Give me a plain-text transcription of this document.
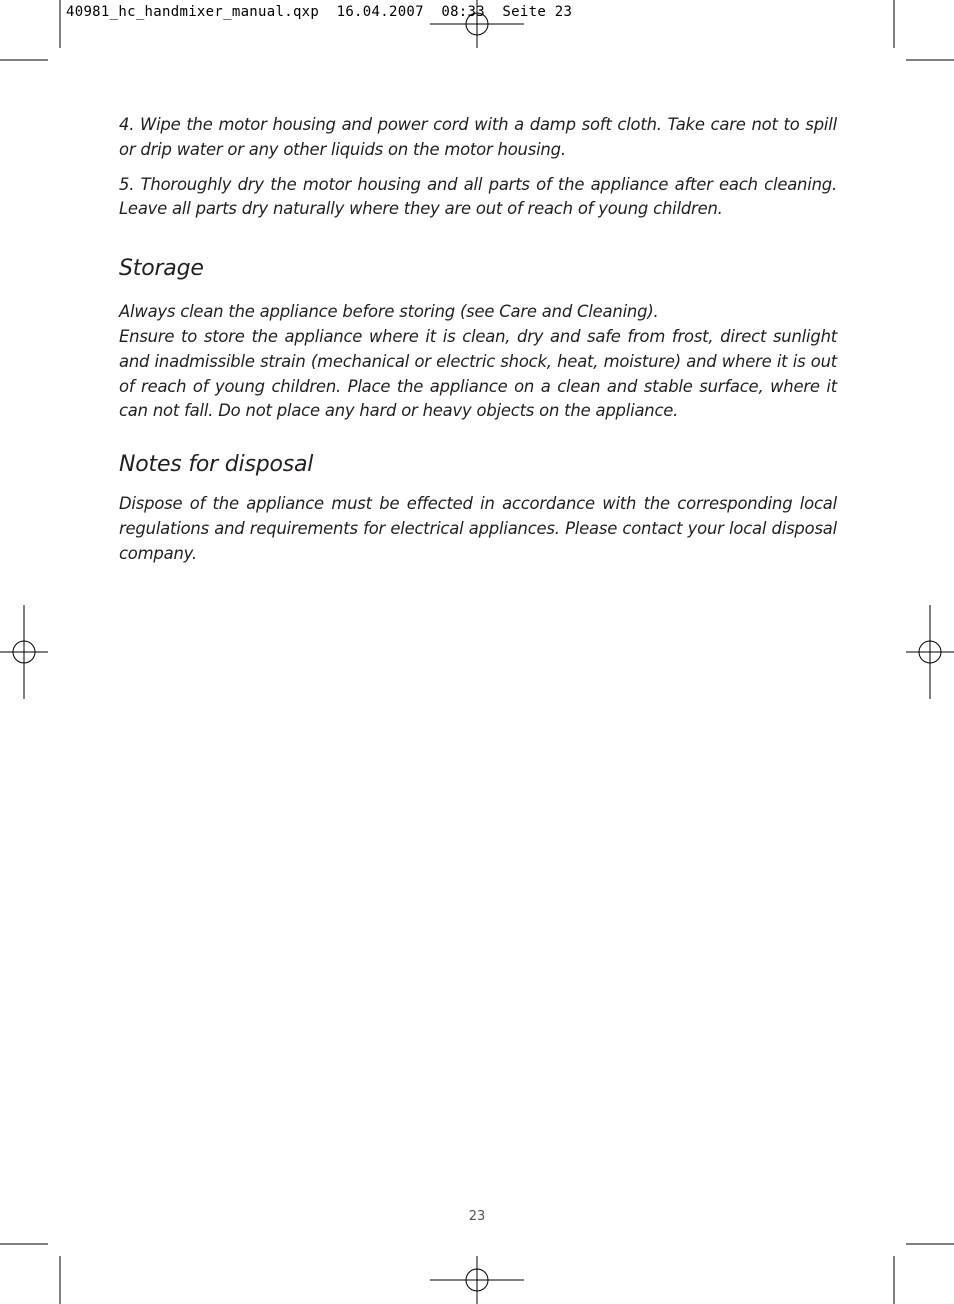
40981_hc_handmixer_manual.qxp  16.04.2007  08:33  Seite 23

4. Wipe the motor housing and power cord with a damp soft cloth. Take care not to spill or drip water or any other liquids on the motor housing.

5. Thoroughly dry the motor housing and all parts of the appliance after each cleaning. Leave all parts dry naturally where they are out of reach of young children.

Storage

Always clean the appliance before storing (see Care and Cleaning).

Ensure to store the appliance where it is clean, dry and safe from frost, direct sunlight and inadmissible strain (mechanical or electric shock, heat, moisture) and where it is out of reach of young children. Place the appliance on a clean and stable surface, where it can not fall. Do not place any hard or heavy objects on the appliance.

Notes for disposal

Dispose of the appliance must be effected in accordance with the corresponding local regulations and requirements for electrical appliances. Please contact your local disposal company.

23
